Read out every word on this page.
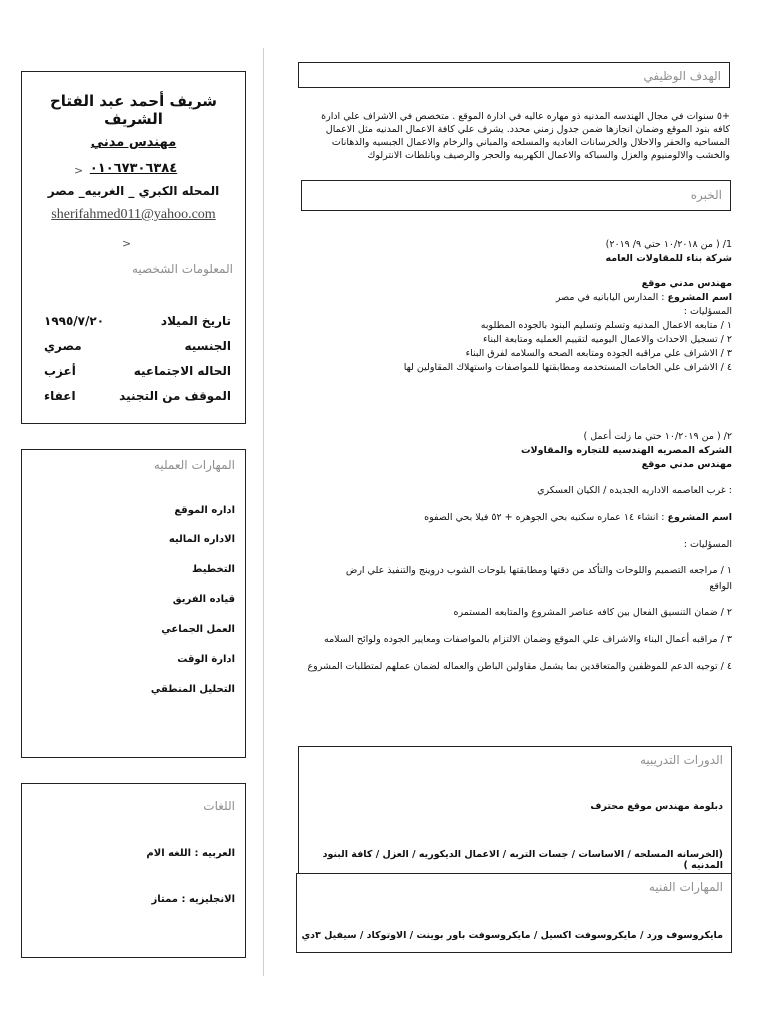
شريف أحمد عبد الفتاح الشريف
مهندس مدني
٠١٠٦٧٣٠٦٣٨٤
>
المحله الكبري _ الغربيه_ مصر
sherifahmed011@yahoo.com
>
المعلومات الشخصيه
تاريخ الميلاد
١٩٩٥/٧/٢٠
الجنسيه
مصري
الحاله الاجتماعيه
أعزب
الموقف من التجنيد
اعفاء
المهارات العمليه
اداره الموقع
الاداره الماليه
التخطيط
قياده الفريق
العمل الجماعي
ادارة الوقت
التحليل المنطقي
اللغات
العربيه : اللغه الام
الانجليزيه : ممتاز
الهدف الوظيفي
+٥ سنوات في مجال الهندسه المدنيه ذو مهاره عاليه في ادارة الموقع . متخصص في الاشراف علي ادارة
كافه بنود الموقع وضمان انجازها ضمن جدول زمني محدد. يشرف علي كافة الاعمال المدنيه مثل الاعمال
المساحيه والحفر والاحلال والخرسانات العاديه والمسلحه والمباني والرخام والاعمال الجبسيه والدهانات
والخشب والالومنيوم والعزل والسباكه والاعمال الكهربيه والحجر والرصيف وبانلطات الانترلوك
الخبره
1/ ( من ١٠/٢٠١٨ حتي ٩/ ٢٠١٩)
شركة بناء للمقاولات العامه
مهندس مدني موقع
اسم المشروع : المدارس اليابانيه في مصر
المسؤليات :
١ / متابعه الاعمال المدنيه وتسلم وتسليم البنود بالجوده المطلوبه
٢ / تسجيل الاحداث والاعمال اليوميه لتقييم العمليه ومتابعة البناء
٣ / الاشراف علي مراقبه الجوده ومتابعه الصحه والسلامه لفرق البناء
٤ / الاشراف علي الخامات المستخدمه ومطابقتها للمواصفات واستهلاك المقاولين لها
٢/ ( من ١٠/٢٠١٩ حتي ما زلت أعمل )
الشركه المصريه الهندسيه للتجاره والمقاولات
مهندس مدني موقع
: غرب العاصمه الاداريه الجديده / الكيان العسكري
اسم المشروع : انشاء ١٤ عماره سكنيه بحي الجوهره + ٥٢ فيلا بحي الصفوه
المسؤليات :
١ / مراجعه التصميم واللوحات والتأكد من دقتها ومطابقتها بلوحات الشوب دروينج والتنفيذ علي ارض
الواقع
٢ / ضمان التنسيق الفعال بين كافه عناصر المشروع والمتابعه المستمره
٣ / مراقبه أعمال البناء والاشراف علي الموقع وضمان الالتزام بالمواصفات ومعايير الجوده ولوائح السلامه
٤ / توجيه الدعم للموظفين والمتعاقدين بما يشمل مقاولين الباطن والعماله لضمان عملهم لمتطلبات المشروع
الدورات التدريبيه
دبلومة مهندس موقع محترف
(الخرسانه المسلحه / الاساسات / جسات التربه / الاعمال الديكوريه / العزل / كافة البنود المدنيه )
المهارات الفنيه
مايكروسوف ورد / مايكروسوفت اكسيل / مايكروسوفت باور بوينت / الاوتوكاد / سيفيل ٣دي
